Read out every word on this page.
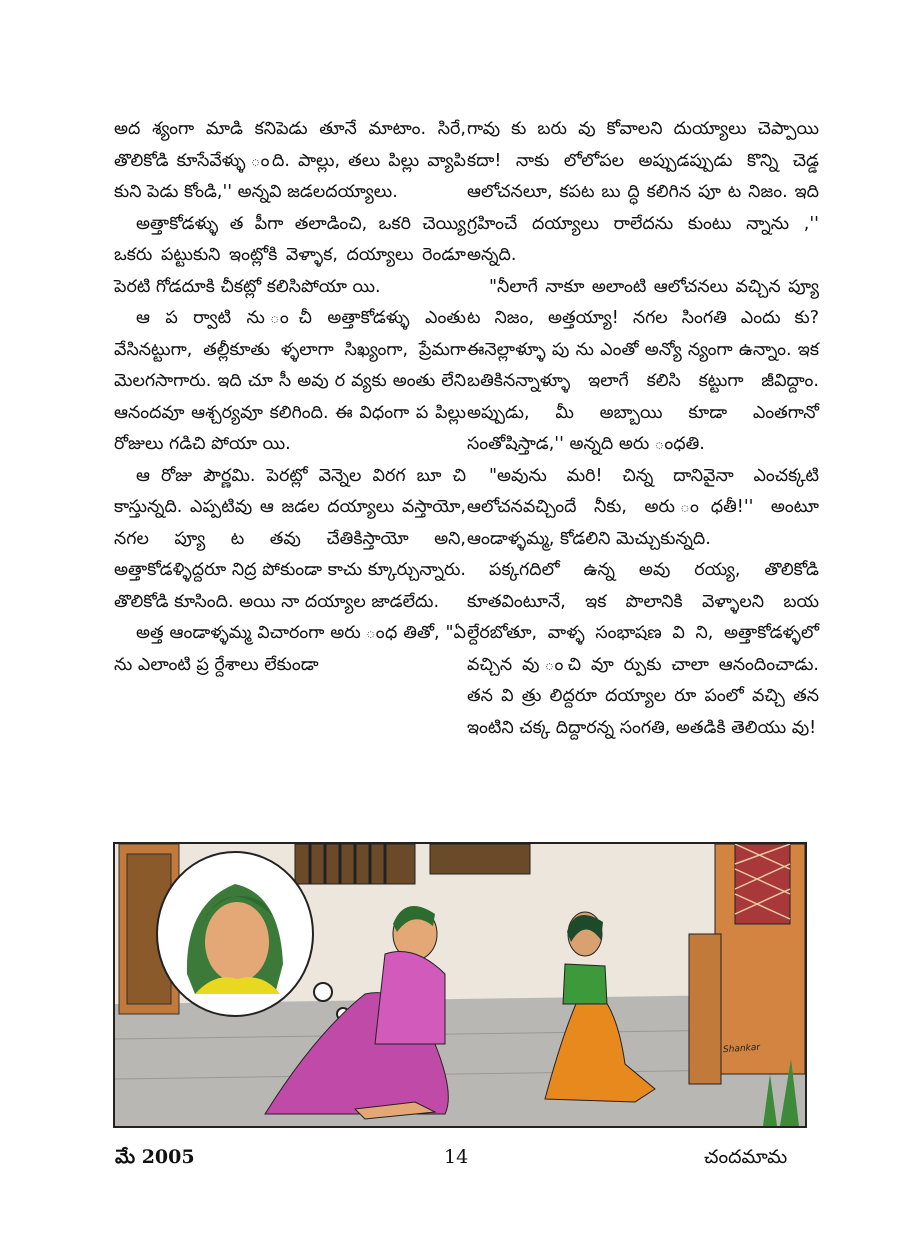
అద శ్యంగా మాడి కనిపెడు తూనే మాటాం. సిరే, తొలికోడి కూసేవేళ్ళు ంది. పాల్లు, తలు పిల్లు వ్యాపి కుని పెడు కోండి,'' అన్నవి జడలదయ్యాలు.

అత్తాకోడళ్ళు త పీగా తలాడించి, ఒకరి చెయ్యి ఒకరు పట్టుకుని ఇంట్లోకి వెళ్ళాక, దయ్యాలు రెండూ పెరటి గోడదూకి చీకట్లో కలిసిపోయా యి.

ఆ ప ర్వాటి ను ంచీ అత్తాకోడళ్ళు ఎంతు వేసినట్టుగా, తల్లీకూతు ళ్ళలాగా సిఖ్యంగా, ప్రేమగా మెలగసాగారు. ఇది చూ సీ అవు ర వ్యకు అంతు లేని ఆనందవూ ఆశ్చర్యవూ కలిగింది. ఈ విధంగా ప పిల్లు రోజులు గడిచి పోయా యి.

ఆ రోజు పౌర్ణమి. పెరట్లో వెన్నెల విరగ బూ చి కాస్తున్నది. ఎప్పటివు ఆ జడల దయ్యాలు వస్తాయో, నగల ప్యూ ట తవు చేతికిస్తాయో అని, అత్తాకోడళ్ళిద్దరూ నిద్ర పోకుండా కాచు క్కూర్చున్నారు. తొలికోడి కూసింది. అయి నా దయ్యాల జాడలేదు.

అత్త ఆండాళ్ళమ్మ విచారంగా అరు ంధ తితో, "ఏ ను ఎలాంటి ప్ర ర్దేశాలు లేకుండా

గావు కు బరు వు కోవాలని దుయ్యాలు చెప్పాయి కదా! నాకు లోలోపల అప్పుడప్పుడు కొన్ని చెడ్డ ఆలోచనలూ, కపట బు ద్ధి కలిగిన పూ ట నిజం. ఇది గ్రహించే దయ్యాలు రాలేదను కుంటు న్నాను ,'' అన్నది.

"నీలాగే నాకూ అలాంటి ఆలోచనలు వచ్చిన ప్యూ ట నిజం, అత్తయ్యా! నగల సింగతి ఎందు కు? ఈనెల్లాళ్ళూ పు ను ఎంతో అన్యో న్యంగా ఉన్నాం. ఇక బతికినన్నాళ్ళూ ఇలాగే కలిసి కట్టుగా జీవిద్దాం. అప్పుడు, మీ అబ్బాయి కూడా ఎంతగానో సంతోషిస్తాడ,'' అన్నది అరు ంధతి.

"అవును మరి! చిన్న దానివైనా ఎంచక్కటి ఆలోచనవచ్చిందే నీకు, అరు ంధతీ!'' అంటూ ఆండాళ్ళమ్మ, కోడలిని మెచ్చుకున్నది.

పక్కగదిలో ఉన్న అవు రయ్య, తొలికోడి కూతవింటూనే, ఇక పొలానికి వెళ్ళాలని బయ ల్దేరబోతూ, వాళ్ళ సంభాషణ వి ని, అత్తాకోడళ్ళలో వచ్చిన వు ంచి వూ ర్పుకు చాలా ఆనందించాడు. తన వి త్రు లిద్దరూ దయ్యాల రూ పంలో వచ్చి తన ఇంటిని చక్క దిద్దారన్న సంగతి, అతడికి తెలియు వు!

Shankar
మే 2005	14	చందమామ
